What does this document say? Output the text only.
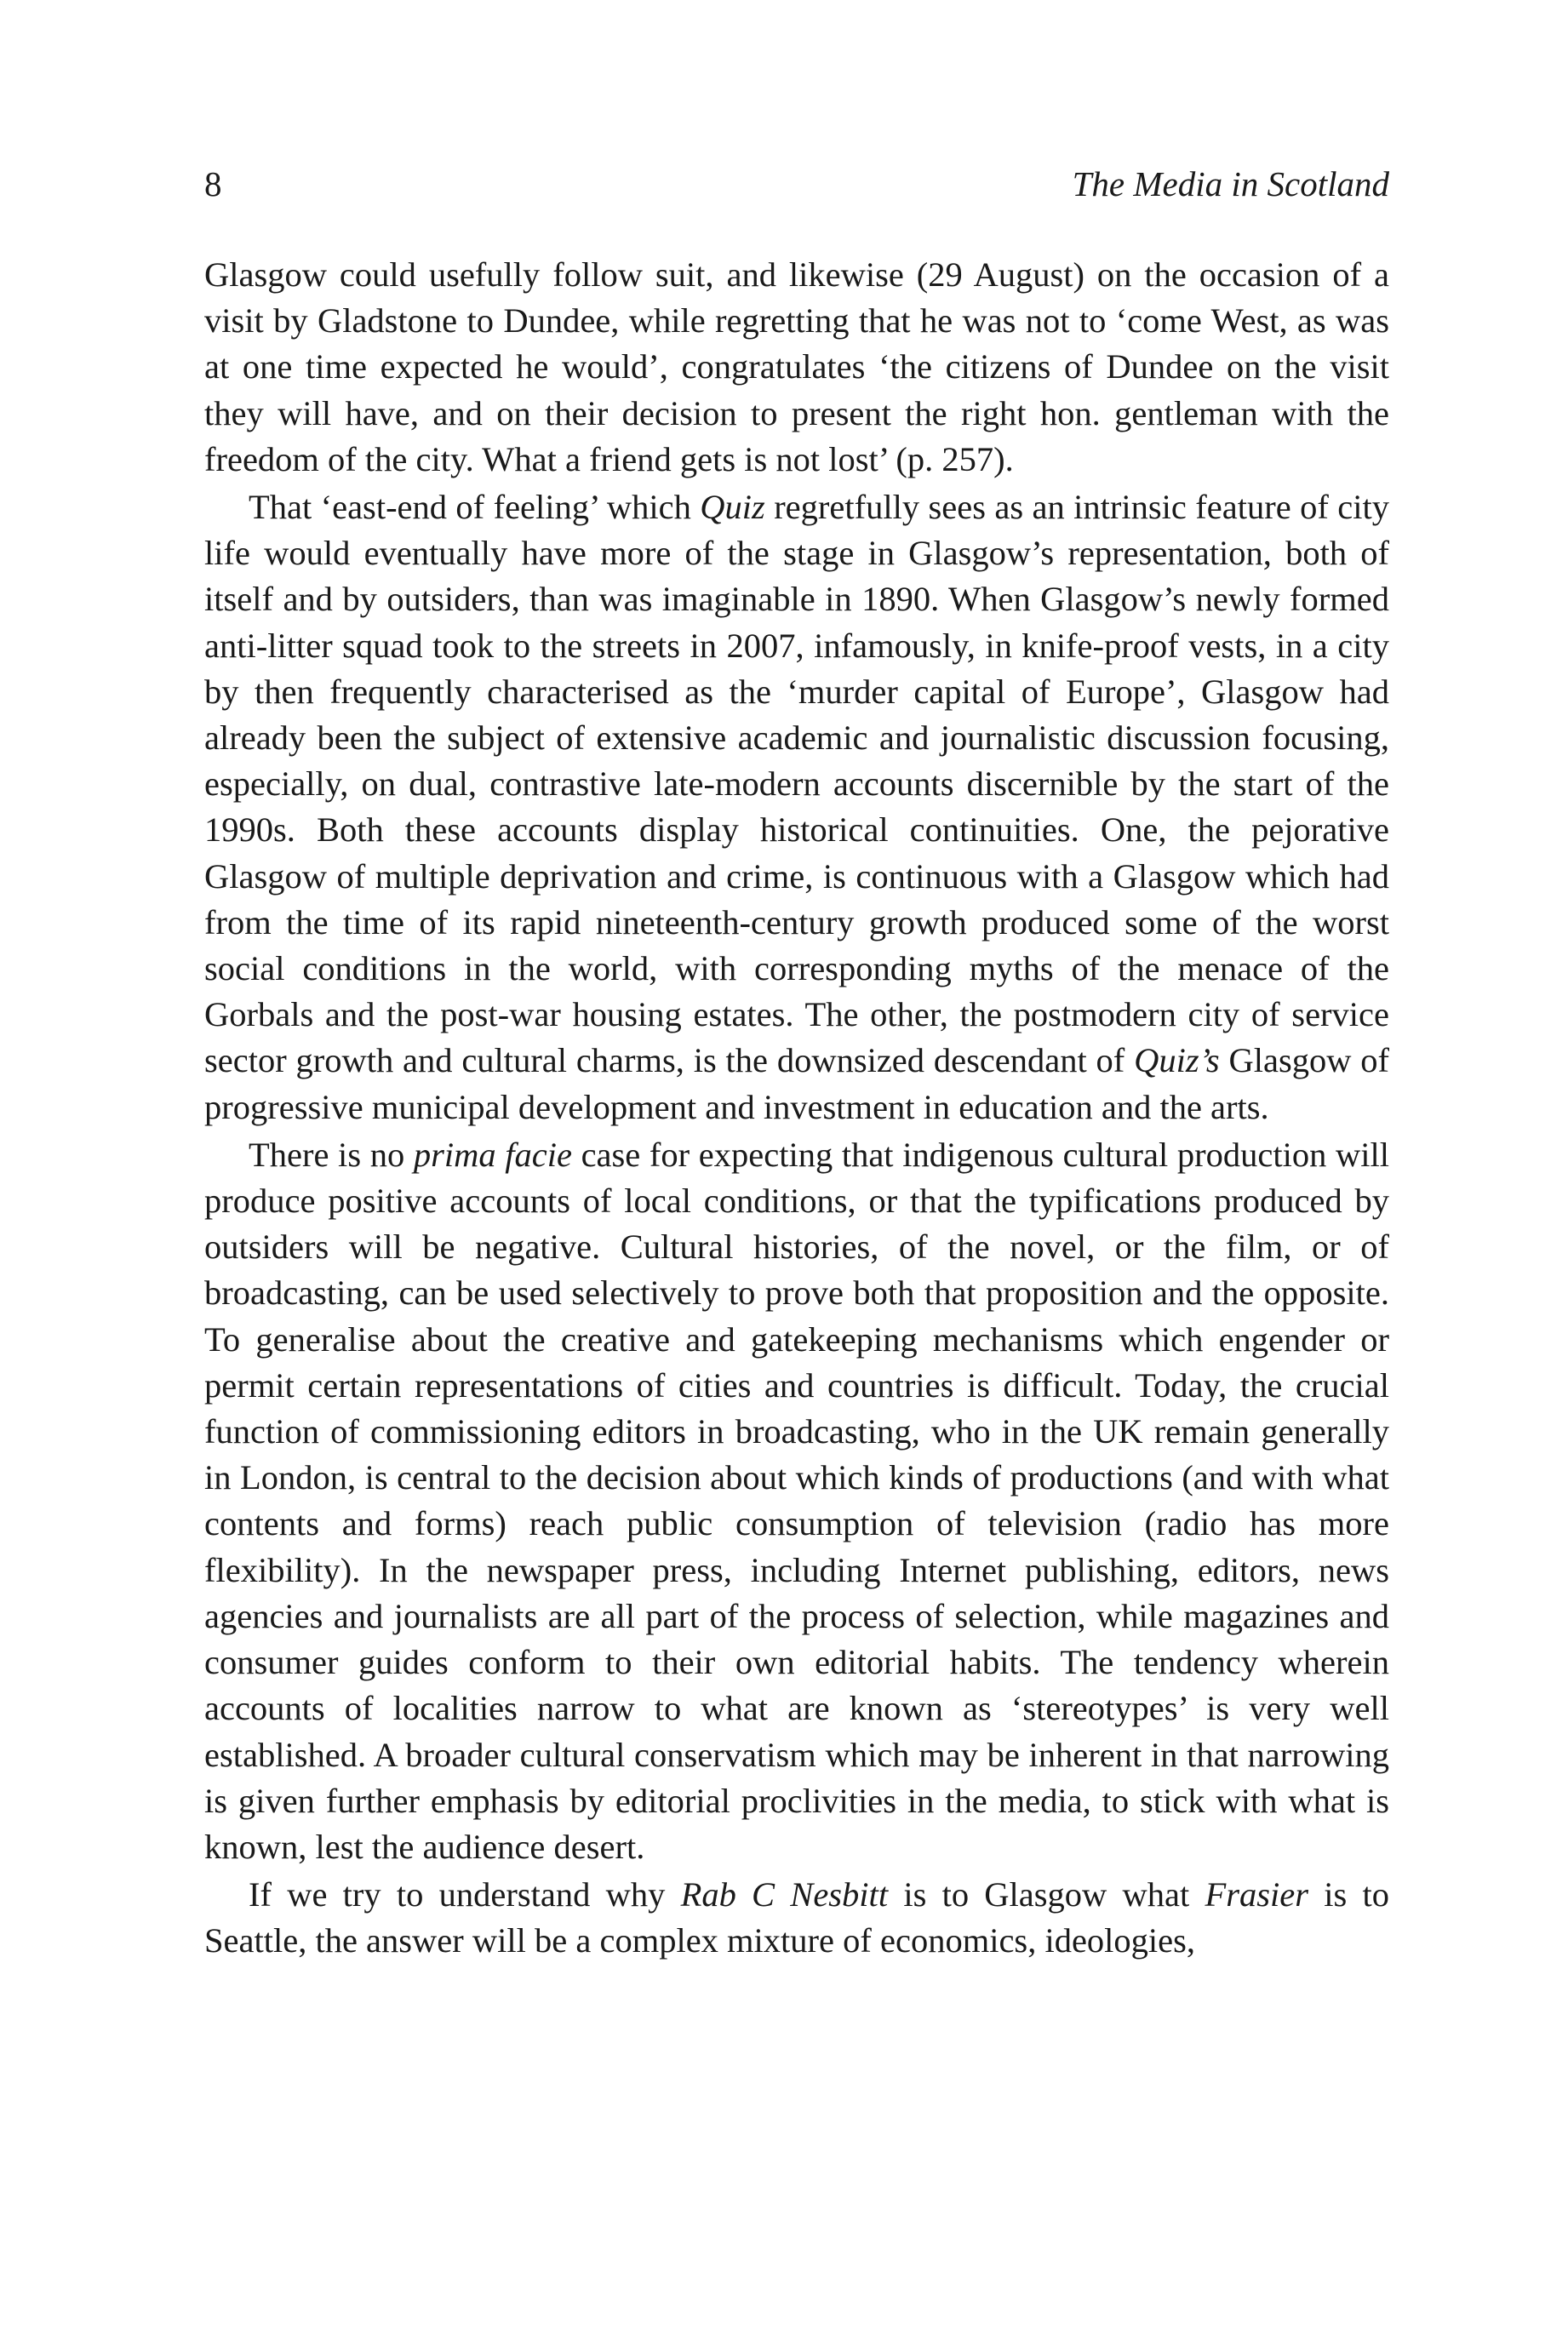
8	The Media in Scotland

Glasgow could usefully follow suit, and likewise (29 August) on the occasion of a visit by Gladstone to Dundee, while regretting that he was not to ‘come West, as was at one time expected he would’, congratulates ‘the citizens of Dundee on the visit they will have, and on their decision to present the right hon. gentleman with the freedom of the city. What a friend gets is not lost’ (p. 257).

That ‘east-end of feeling’ which Quiz regretfully sees as an intrinsic feature of city life would eventually have more of the stage in Glasgow’s representation, both of itself and by outsiders, than was imaginable in 1890. When Glasgow’s newly formed anti-litter squad took to the streets in 2007, infamously, in knife-proof vests, in a city by then frequently characterised as the ‘murder capital of Europe’, Glasgow had already been the subject of extensive academic and journalistic discussion focusing, especially, on dual, contrastive late-modern accounts discernible by the start of the 1990s. Both these accounts display historical continuities. One, the pejorative Glasgow of multiple deprivation and crime, is continuous with a Glasgow which had from the time of its rapid nineteenth-century growth produced some of the worst social conditions in the world, with corresponding myths of the menace of the Gorbals and the post-war housing estates. The other, the postmodern city of service sector growth and cultural charms, is the downsized descendant of Quiz’s Glasgow of progressive municipal development and investment in education and the arts.

There is no prima facie case for expecting that indigenous cultural production will produce positive accounts of local conditions, or that the typifications produced by outsiders will be negative. Cultural histories, of the novel, or the film, or of broadcasting, can be used selectively to prove both that proposition and the opposite. To generalise about the creative and gatekeeping mechanisms which engender or permit certain representations of cities and countries is difficult. Today, the crucial function of commissioning editors in broadcasting, who in the UK remain generally in London, is central to the decision about which kinds of productions (and with what contents and forms) reach public consumption of television (radio has more flexibility). In the newspaper press, including Internet publishing, editors, news agencies and journalists are all part of the process of selection, while magazines and consumer guides conform to their own editorial habits. The tendency wherein accounts of localities narrow to what are known as ‘stereotypes’ is very well established. A broader cultural conservatism which may be inherent in that narrowing is given further emphasis by editorial proclivities in the media, to stick with what is known, lest the audience desert.

If we try to understand why Rab C Nesbitt is to Glasgow what Frasier is to Seattle, the answer will be a complex mixture of economics, ideologies,
